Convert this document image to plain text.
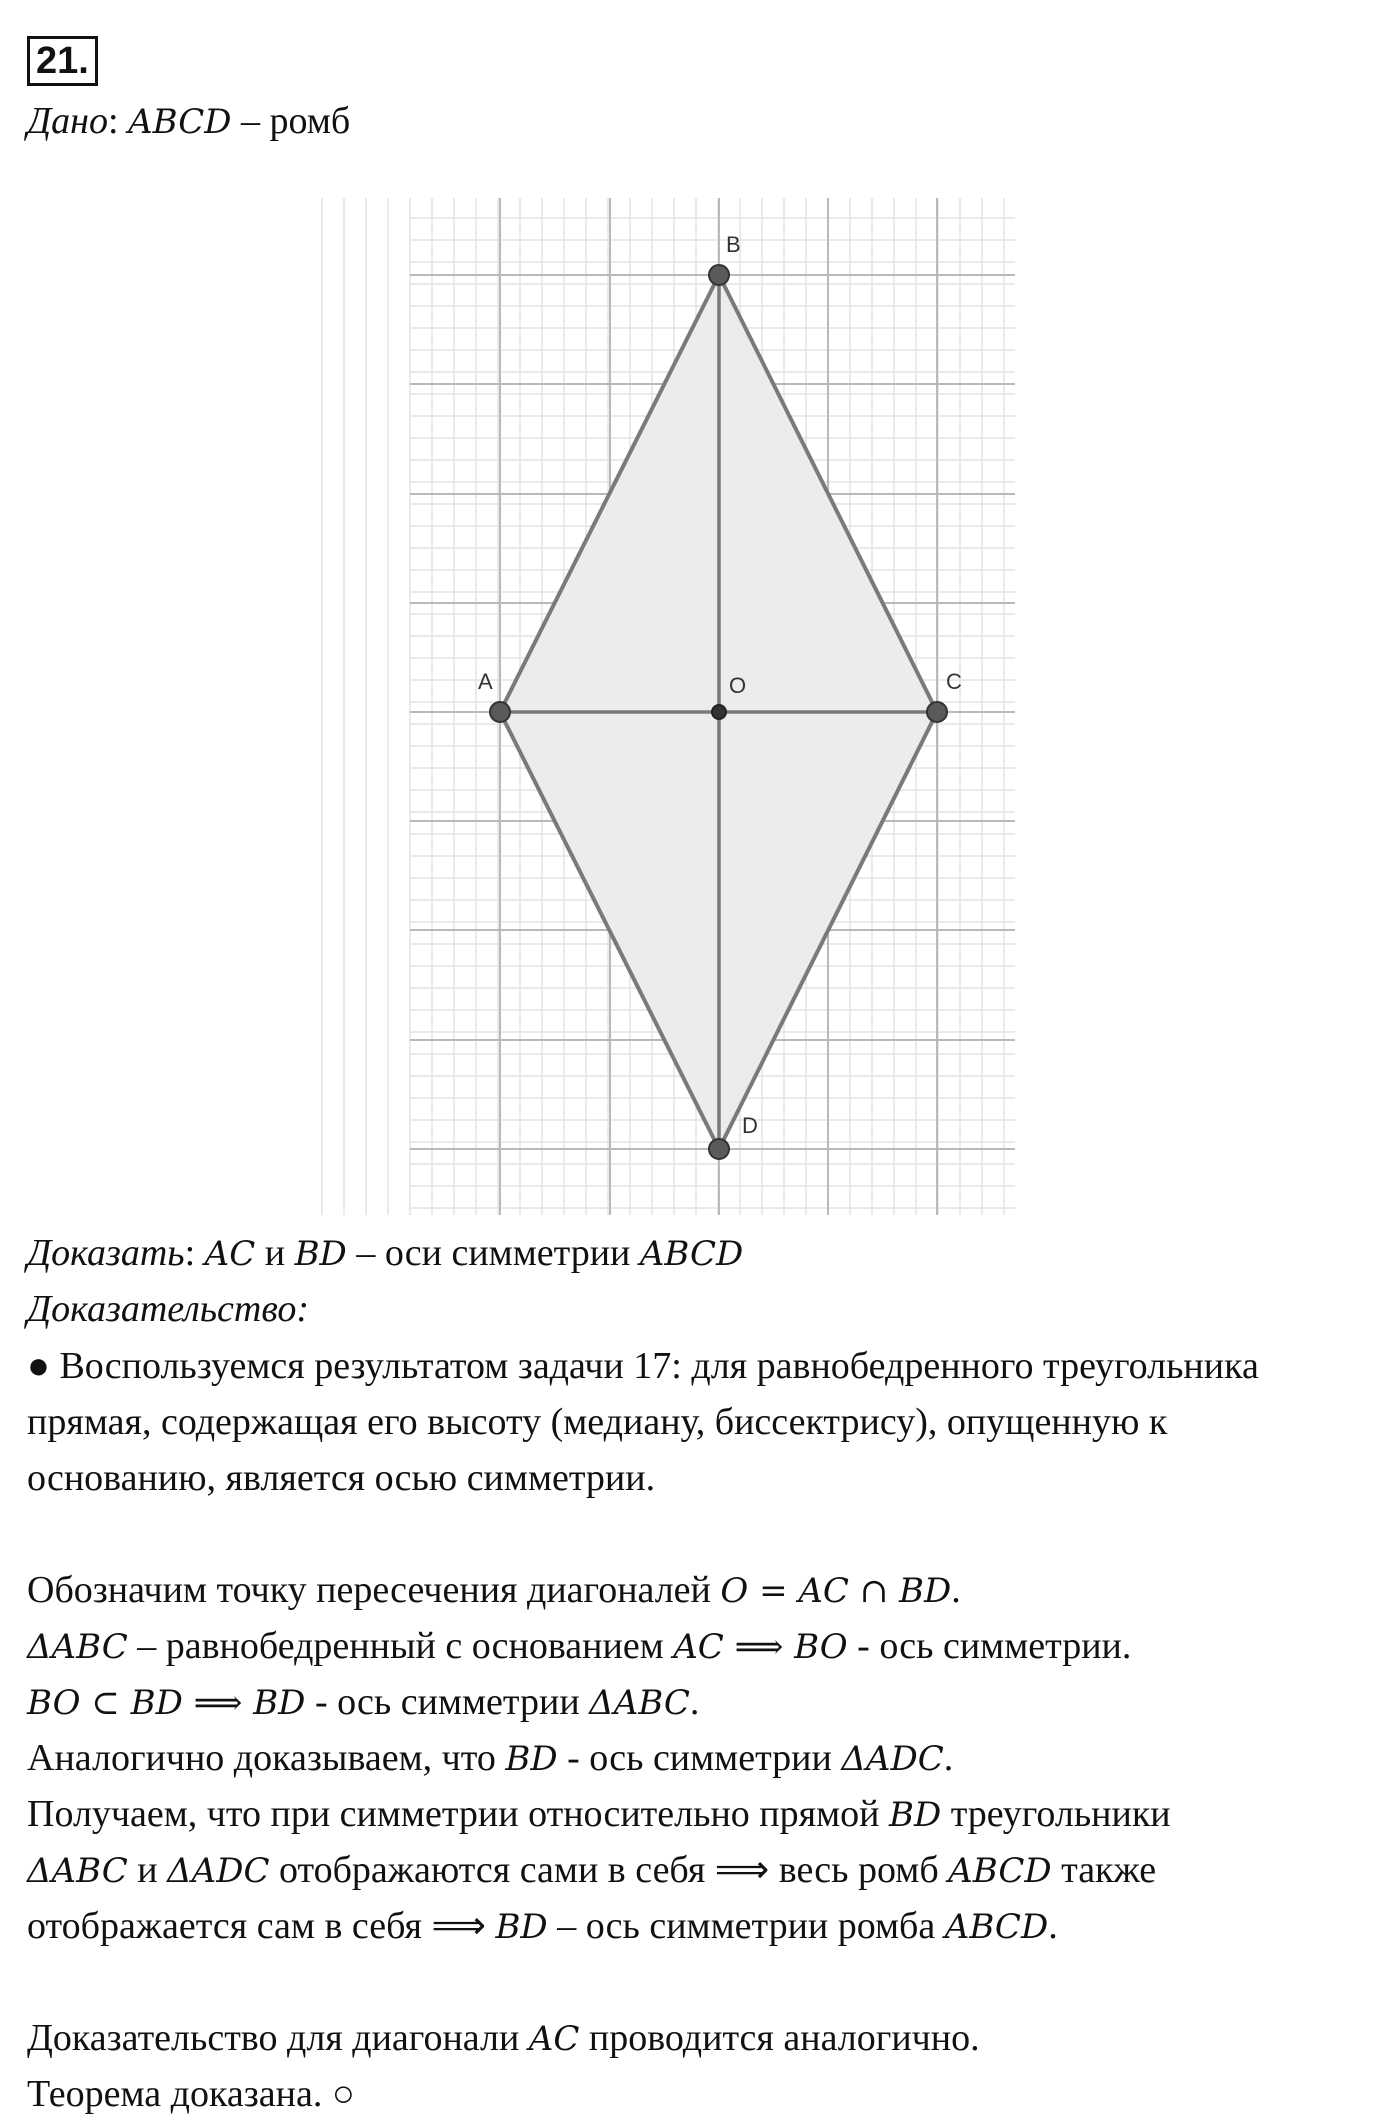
21.
Дано: ABCD – ромб
B
A	C
O
D
Доказать: AC и BD – оси симметрии ABCD
Доказательство:
● Воспользуемся результатом задачи 17: для равнобедренного треугольника
прямая, содержащая его высоту (медиану, биссектрису), опущенную к
основанию, является осью симметрии.
Обозначим точку пересечения диагоналей O = AC ∩ BD.
ΔABC – равнобедренный с основанием AC ⟹ BO - ось симметрии.
BO ⊂ BD ⟹ BD - ось симметрии ΔABC.
Аналогично доказываем, что BD - ось симметрии ΔADC.
Получаем, что при симметрии относительно прямой BD треугольники
ΔABC и ΔADC отображаются сами в себя ⟹ весь ромб ABCD также
отображается сам в себя ⟹ BD – ось симметрии ромба ABCD.
Доказательство для диагонали AC проводится аналогично.
Теорема доказана. ○
